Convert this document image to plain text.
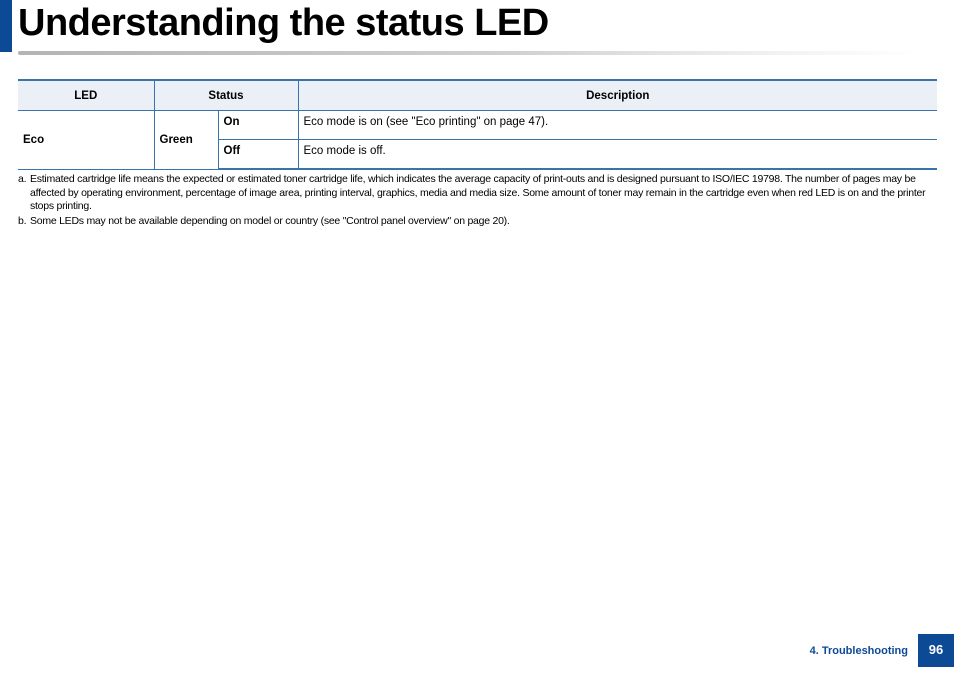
Understanding the status LED
LED	Status		Description
Eco	Green	On	Eco mode is on (see "Eco printing" on page 47).
		Off	Eco mode is off.
a. Estimated cartridge life means the expected or estimated toner cartridge life, which indicates the average capacity of print-outs and is designed pursuant to ISO/IEC 19798. The number of pages may be affected by operating environment, percentage of image area, printing interval, graphics, media and media size. Some amount of toner may remain in the cartridge even when red LED is on and the printer stops printing.
b. Some LEDs may not be available depending on model or country (see "Control panel overview" on page 20).
4. Troubleshooting	96
